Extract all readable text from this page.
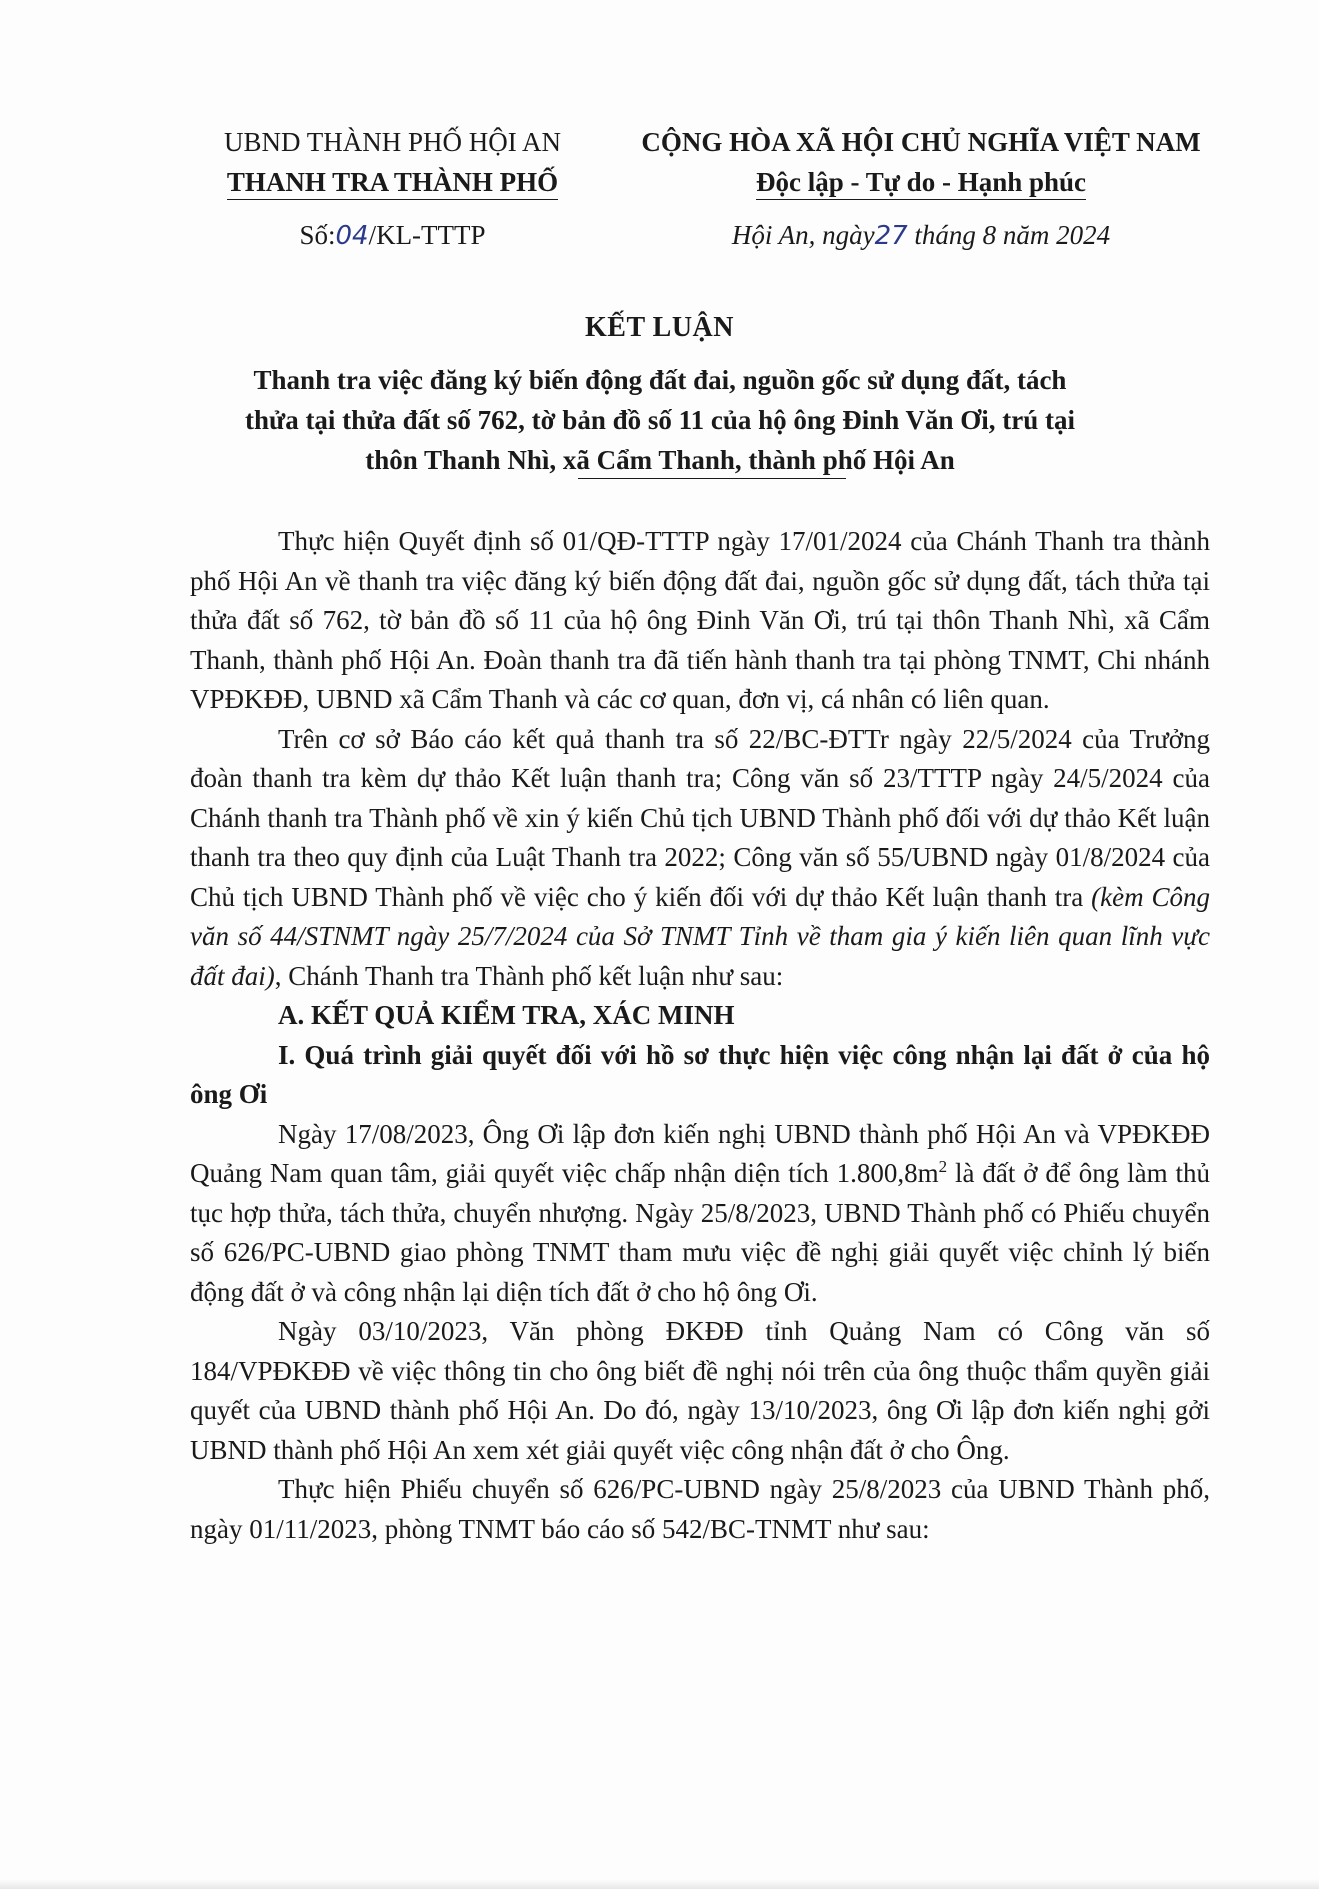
UBND THÀNH PHỐ HỘI AN
THANH TRA THÀNH PHỐ
CỘNG HÒA XÃ HỘI CHỦ NGHĨA VIỆT NAM
Độc lập - Tự do - Hạnh phúc
Số:04/KL-TTTP	Hội An, ngày27 tháng 8 năm 2024
KẾT LUẬN
Thanh tra việc đăng ký biến động đất đai, nguồn gốc sử dụng đất, tách
thửa tại thửa đất số 762, tờ bản đồ số 11 của hộ ông Đinh Văn Ơi, trú tại
thôn Thanh Nhì, xã Cẩm Thanh, thành phố Hội An

Thực hiện Quyết định số 01/QĐ-TTTP ngày 17/01/2024 của Chánh Thanh tra thành phố Hội An về thanh tra việc đăng ký biến động đất đai, nguồn gốc sử dụng đất, tách thửa tại thửa đất số 762, tờ bản đồ số 11 của hộ ông Đinh Văn Ơi, trú tại thôn Thanh Nhì, xã Cẩm Thanh, thành phố Hội An. Đoàn thanh tra đã tiến hành thanh tra tại phòng TNMT, Chi nhánh VPĐKĐĐ, UBND xã Cẩm Thanh và các cơ quan, đơn vị, cá nhân có liên quan.

Trên cơ sở Báo cáo kết quả thanh tra số 22/BC-ĐTTr ngày 22/5/2024 của Trưởng đoàn thanh tra kèm dự thảo Kết luận thanh tra; Công văn số 23/TTTP ngày 24/5/2024 của Chánh thanh tra Thành phố về xin ý kiến Chủ tịch UBND Thành phố đối với dự thảo Kết luận thanh tra theo quy định của Luật Thanh tra 2022; Công văn số 55/UBND ngày 01/8/2024 của Chủ tịch UBND Thành phố về việc cho ý kiến đối với dự thảo Kết luận thanh tra (kèm Công văn số 44/STNMT ngày 25/7/2024 của Sở TNMT Tỉnh về tham gia ý kiến liên quan lĩnh vực đất đai), Chánh Thanh tra Thành phố kết luận như sau:

A. KẾT QUẢ KIỂM TRA, XÁC MINH

I. Quá trình giải quyết đối với hồ sơ thực hiện việc công nhận lại đất ở của hộ ông Ơi

Ngày 17/08/2023, Ông Ơi lập đơn kiến nghị UBND thành phố Hội An và VPĐKĐĐ Quảng Nam quan tâm, giải quyết việc chấp nhận diện tích $1.800,8m^2$ là đất ở để ông làm thủ tục hợp thửa, tách thửa, chuyển nhượng. Ngày 25/8/2023, UBND Thành phố có Phiếu chuyển số 626/PC-UBND giao phòng TNMT tham mưu việc đề nghị giải quyết việc chỉnh lý biến động đất ở và công nhận lại diện tích đất ở cho hộ ông Ơi.

Ngày 03/10/2023, Văn phòng ĐKĐĐ tỉnh Quảng Nam có Công văn số 184/VPĐKĐĐ về việc thông tin cho ông biết đề nghị nói trên của ông thuộc thẩm quyền giải quyết của UBND thành phố Hội An. Do đó, ngày 13/10/2023, ông Ơi lập đơn kiến nghị gởi UBND thành phố Hội An xem xét giải quyết việc công nhận đất ở cho Ông.

Thực hiện Phiếu chuyển số 626/PC-UBND ngày 25/8/2023 của UBND Thành phố, ngày 01/11/2023, phòng TNMT báo cáo số 542/BC-TNMT như sau:
